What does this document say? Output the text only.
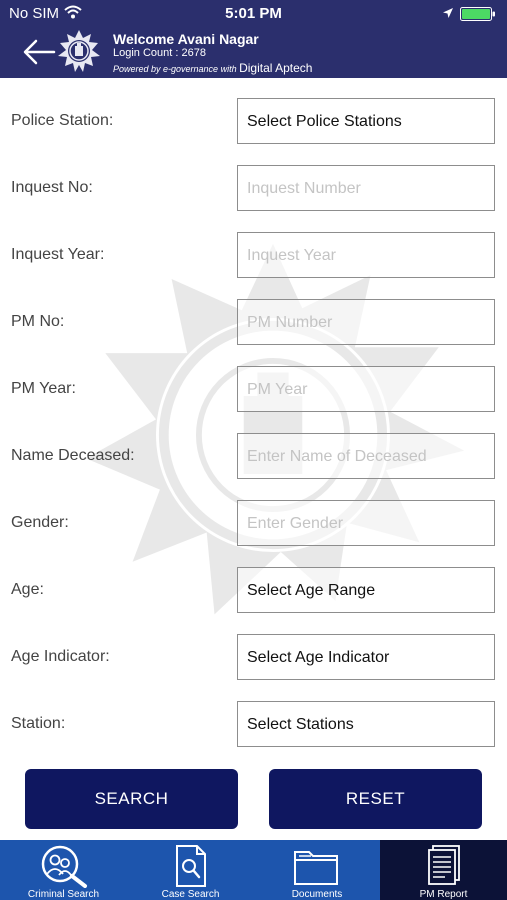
No SIM	5:01 PM
Welcome Avani Nagar
Login Count : 2678
Powered by e-governance with Digital Aptech
Police Station:	Select Police Stations
Inquest No:	Inquest Number
Inquest Year:	Inquest Year
PM No:	PM Number
PM Year:	PM Year
Name Deceased:	Enter Name of Deceased
Gender:	Enter Gender
Age:	Select Age Range
Age Indicator:	Select Age Indicator
Station:	Select Stations
SEARCH	RESET
Criminal Search	Case Search	Documents	PM Report
